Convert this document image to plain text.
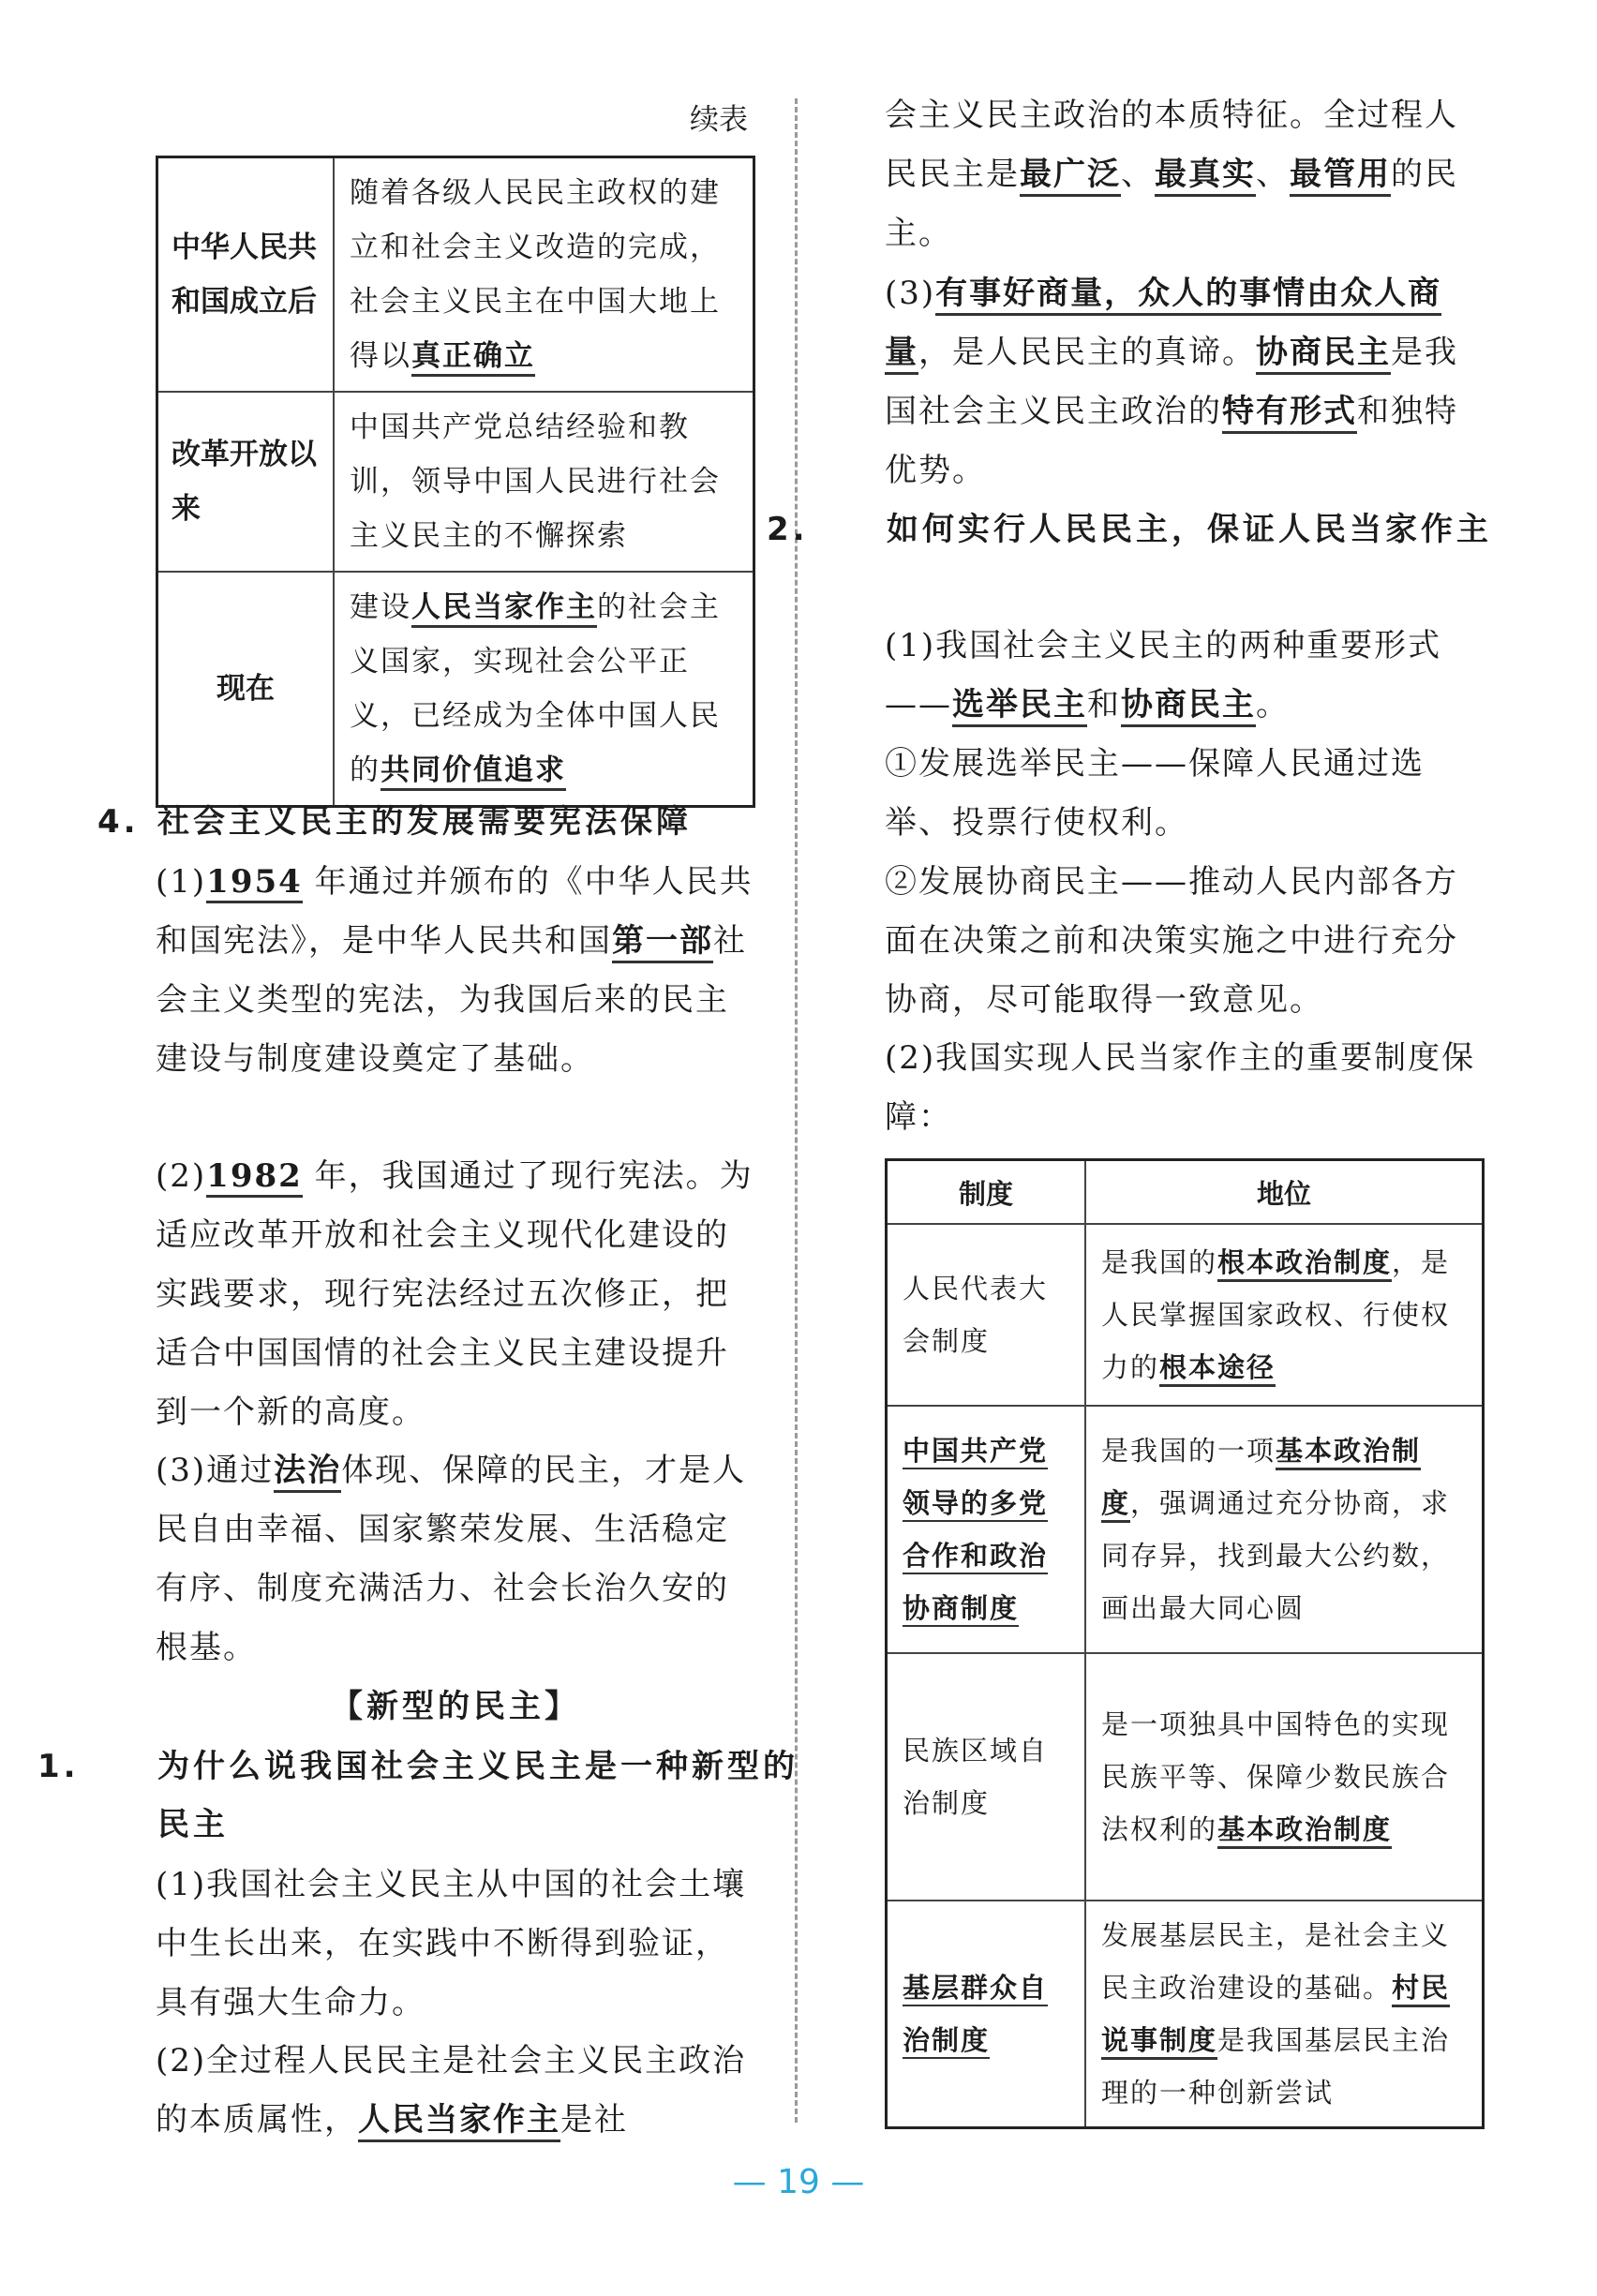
续表
中华人民共和国成立后	随着各级人民民主政权的建立和社会主义改造的完成，社会主义民主在中国大地上得以真正确立
改革开放以来	中国共产党总结经验和教训，领导中国人民进行社会主义民主的不懈探索
现在	建设人民当家作主的社会主义国家，实现社会公平正义，已经成为全体中国人民的共同价值追求
4. 社会主义民主的发展需要宪法保障
(1)1954 年通过并颁布的《中华人民共和国宪法》，是中华人民共和国第一部社会主义类型的宪法，为我国后来的民主建设与制度建设奠定了基础。
(2)1982 年，我国通过了现行宪法。为适应改革开放和社会主义现代化建设的实践要求，现行宪法经过五次修正，把适合中国国情的社会主义民主建设提升到一个新的高度。
(3)通过法治体现、保障的民主，才是人民自由幸福、国家繁荣发展、生活稳定有序、制度充满活力、社会长治久安的根基。
【新型的民主】
1. 为什么说我国社会主义民主是一种新型的民主
(1)我国社会主义民主从中国的社会土壤中生长出来，在实践中不断得到验证，具有强大生命力。
(2)全过程人民民主是社会主义民主政治的本质属性，人民当家作主是社
会主义民主政治的本质特征。全过程人民民主是最广泛、最真实、最管用的民主。
(3)有事好商量，众人的事情由众人商量，是人民民主的真谛。协商民主是我国社会主义民主政治的特有形式和独特优势。
2. 如何实行人民民主，保证人民当家作主
(1)我国社会主义民主的两种重要形式——选举民主和协商民主。
①发展选举民主——保障人民通过选举、投票行使权利。
②发展协商民主——推动人民内部各方面在决策之前和决策实施之中进行充分协商，尽可能取得一致意见。
(2)我国实现人民当家作主的重要制度保障：
制度	地位
人民代表大会制度	是我国的根本政治制度，是人民掌握国家政权、行使权力的根本途径
中国共产党领导的多党合作和政治协商制度	是我国的一项基本政治制度，强调通过充分协商，求同存异，找到最大公约数，画出最大同心圆
民族区域自治制度	是一项独具中国特色的实现民族平等、保障少数民族合法权利的基本政治制度
基层群众自治制度	发展基层民主，是社会主义民主政治建设的基础。村民说事制度是我国基层民主治理的一种创新尝试
— 19 —
